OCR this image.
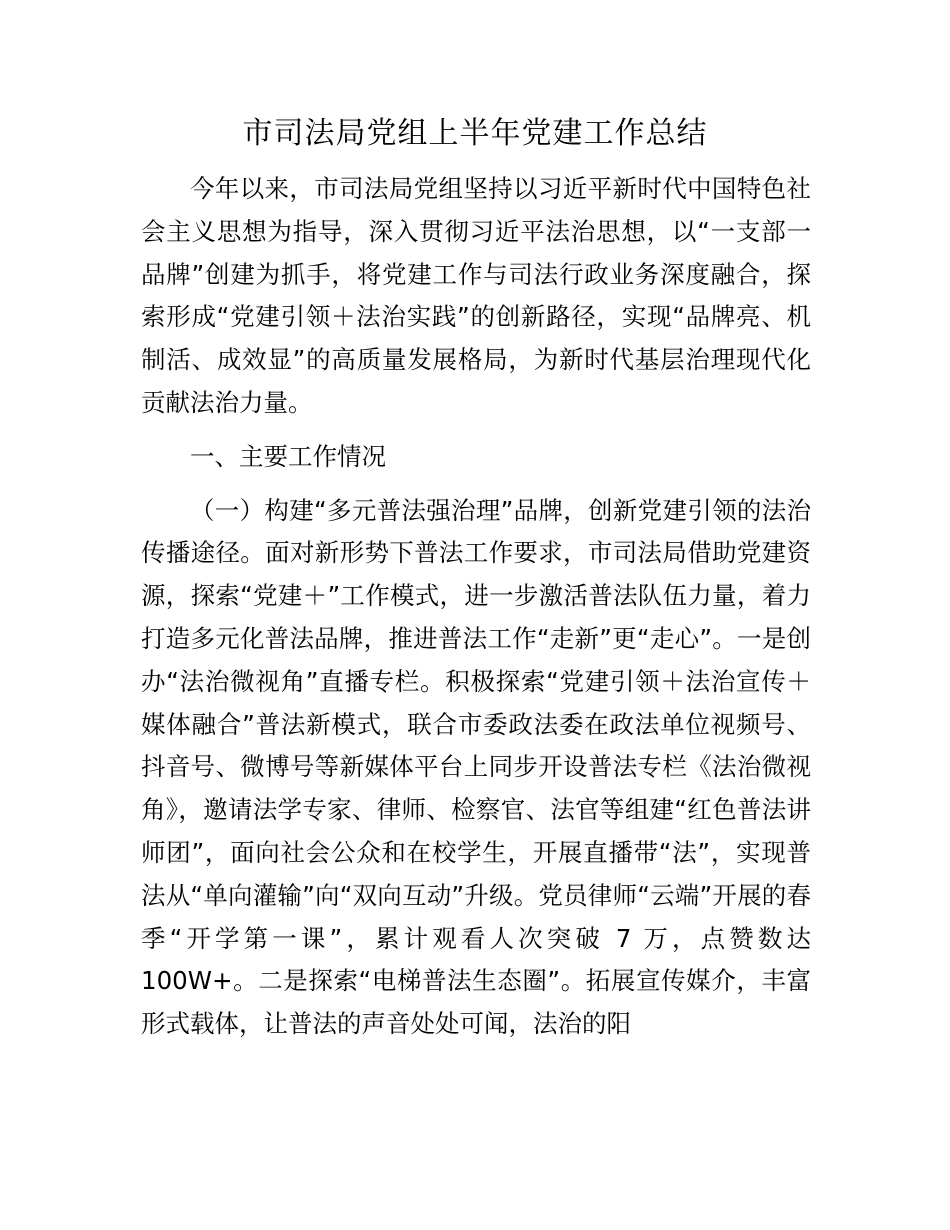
市司法局党组上半年党建工作总结

今年以来，市司法局党组坚持以习近平新时代中国特色社会主义思想为指导，深入贯彻习近平法治思想，以“一支部一品牌”创建为抓手，将党建工作与司法行政业务深度融合，探索形成“党建引领＋法治实践”的创新路径，实现“品牌亮、机制活、成效显”的高质量发展格局，为新时代基层治理现代化贡献法治力量。

一、主要工作情况

（一）构建“多元普法强治理”品牌，创新党建引领的法治传播途径。面对新形势下普法工作要求，市司法局借助党建资源，探索“党建＋”工作模式，进一步激活普法队伍力量，着力打造多元化普法品牌，推进普法工作“走新”更“走心”。一是创办“法治微视角”直播专栏。积极探索“党建引领＋法治宣传＋媒体融合”普法新模式，联合市委政法委在政法单位视频号、抖音号、微博号等新媒体平台上同步开设普法专栏《法治微视角》，邀请法学专家、律师、检察官、法官等组建“红色普法讲师团”，面向社会公众和在校学生，开展直播带“法”，实现普法从“单向灌输”向“双向互动”升级。党员律师“云端”开展的春季“开学第一课”，累计观看人次突破 7 万，点赞数达 100W+。二是探索“电梯普法生态圈”。拓展宣传媒介，丰富形式载体，让普法的声音处处可闻，法治的阳
